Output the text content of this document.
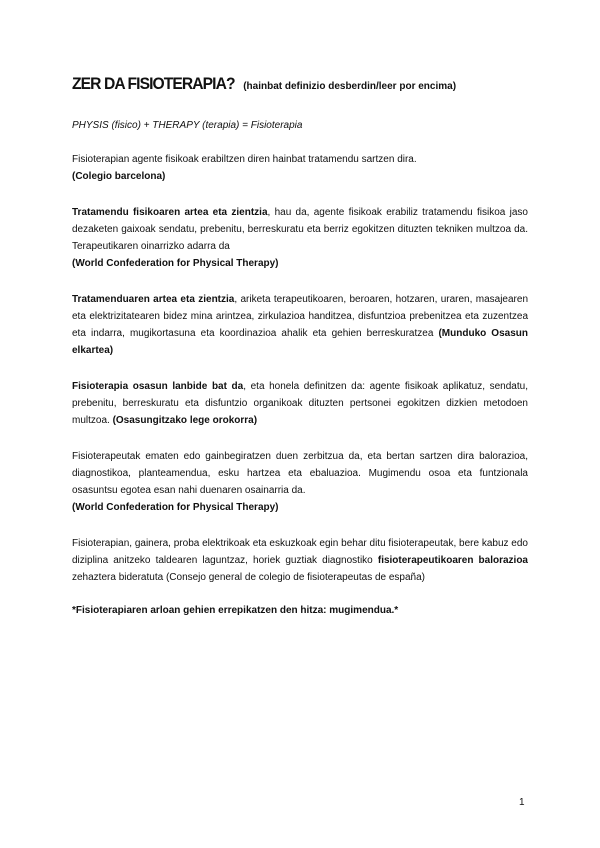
ZER DA FISIOTERAPIA? (hainbat definizio desberdin/leer por encima)
PHYSIS (fisico) + THERAPY (terapia) = Fisioterapia

Fisioterapian agente fisikoak erabiltzen diren hainbat tratamendu sartzen dira.
(Colegio barcelona)

Tratamendu fisikoaren artea eta zientzia, hau da, agente fisikoak erabiliz tratamendu fisikoa jaso dezaketen gaixoak sendatu, prebenitu, berreskuratu eta berriz egokitzen dituzten tekniken multzoa da. Terapeutikaren oinarrizko adarra da
(World Confederation for Physical Therapy)

Tratamenduaren artea eta zientzia, ariketa terapeutikoaren, beroaren, hotzaren, uraren, masajearen eta elektrizitatearen bidez mina arintzea, zirkulazioa handitzea, disfuntzioa prebenitzea eta zuzentzea eta indarra, mugikortasuna eta koordinazioa ahalik eta gehien berreskuratzea (Munduko Osasun elkartea)

Fisioterapia osasun lanbide bat da, eta honela definitzen da: agente fisikoak aplikatuz, sendatu, prebenitu, berreskuratu eta disfuntzio organikoak dituzten pertsonei egokitzen dizkien metodoen multzoa. (Osasungitzako lege orokorra)

Fisioterapeutak ematen edo gainbegiratzen duen zerbitzua da, eta bertan sartzen dira balorazioa, diagnostikoa, planteamendua, esku hartzea eta ebaluazioa. Mugimendu osoa eta funtzionala osasuntsu egotea esan nahi duenaren osainarria da.
(World Confederation for Physical Therapy)

Fisioterapian, gainera, proba elektrikoak eta eskuzkoak egin behar ditu fisioterapeutak, bere kabuz edo diziplina anitzeko taldearen laguntzaz, horiek guztiak diagnostiko fisioterapeutikoaren balorazioa zehaztera bideratuta (Consejo general de colegio de fisioterapeutas de españa)

*Fisioterapiaren arloan gehien errepikatzen den hitza: mugimendua.*

1
